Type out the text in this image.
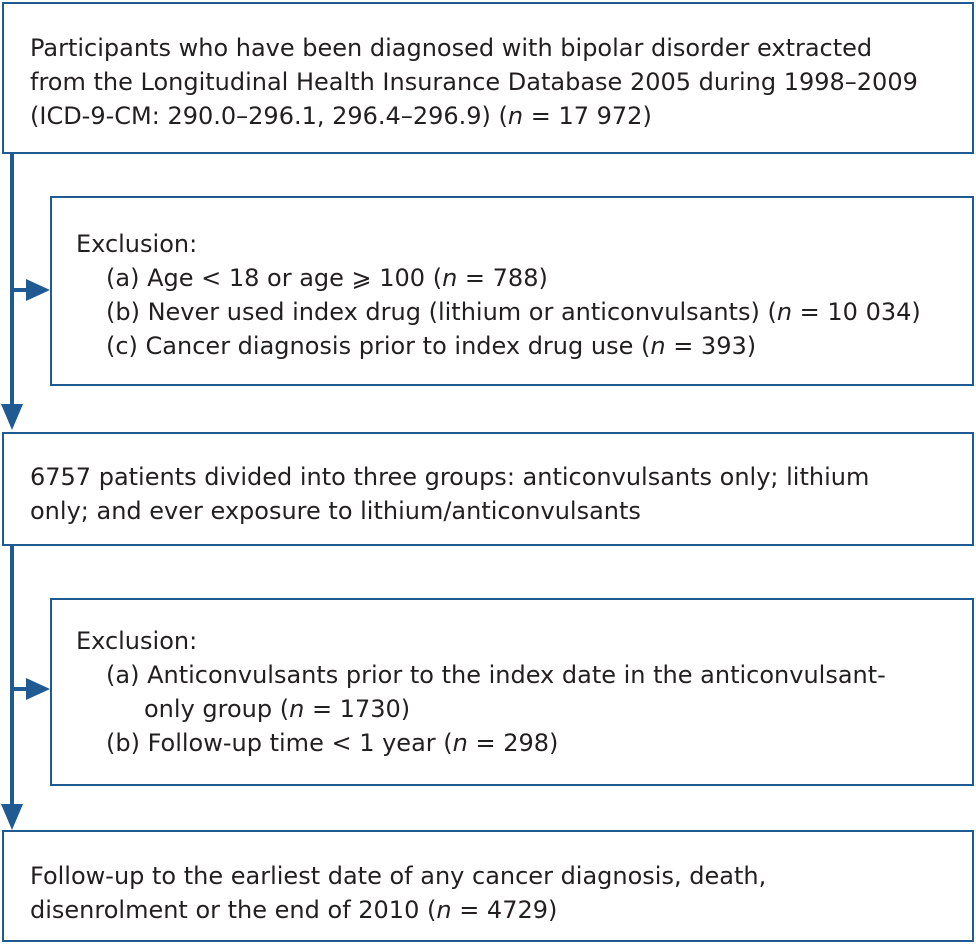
Participants who have been diagnosed with bipolar disorder extracted
from the Longitudinal Health Insurance Database 2005 during 1998–2009
(ICD-9-CM: 290.0–296.1, 296.4–296.9) (n = 17 972)
Exclusion:
(a) Age < 18 or age ⩾ 100 (n = 788)
(b) Never used index drug (lithium or anticonvulsants) (n = 10 034)
(c) Cancer diagnosis prior to index drug use (n = 393)
6757 patients divided into three groups: anticonvulsants only; lithium
only; and ever exposure to lithium/anticonvulsants
Exclusion:
(a) Anticonvulsants prior to the index date in the anticonvulsant-
only group (n = 1730)
(b) Follow-up time < 1 year (n = 298)
Follow-up to the earliest date of any cancer diagnosis, death,
disenrolment or the end of 2010 (n = 4729)
